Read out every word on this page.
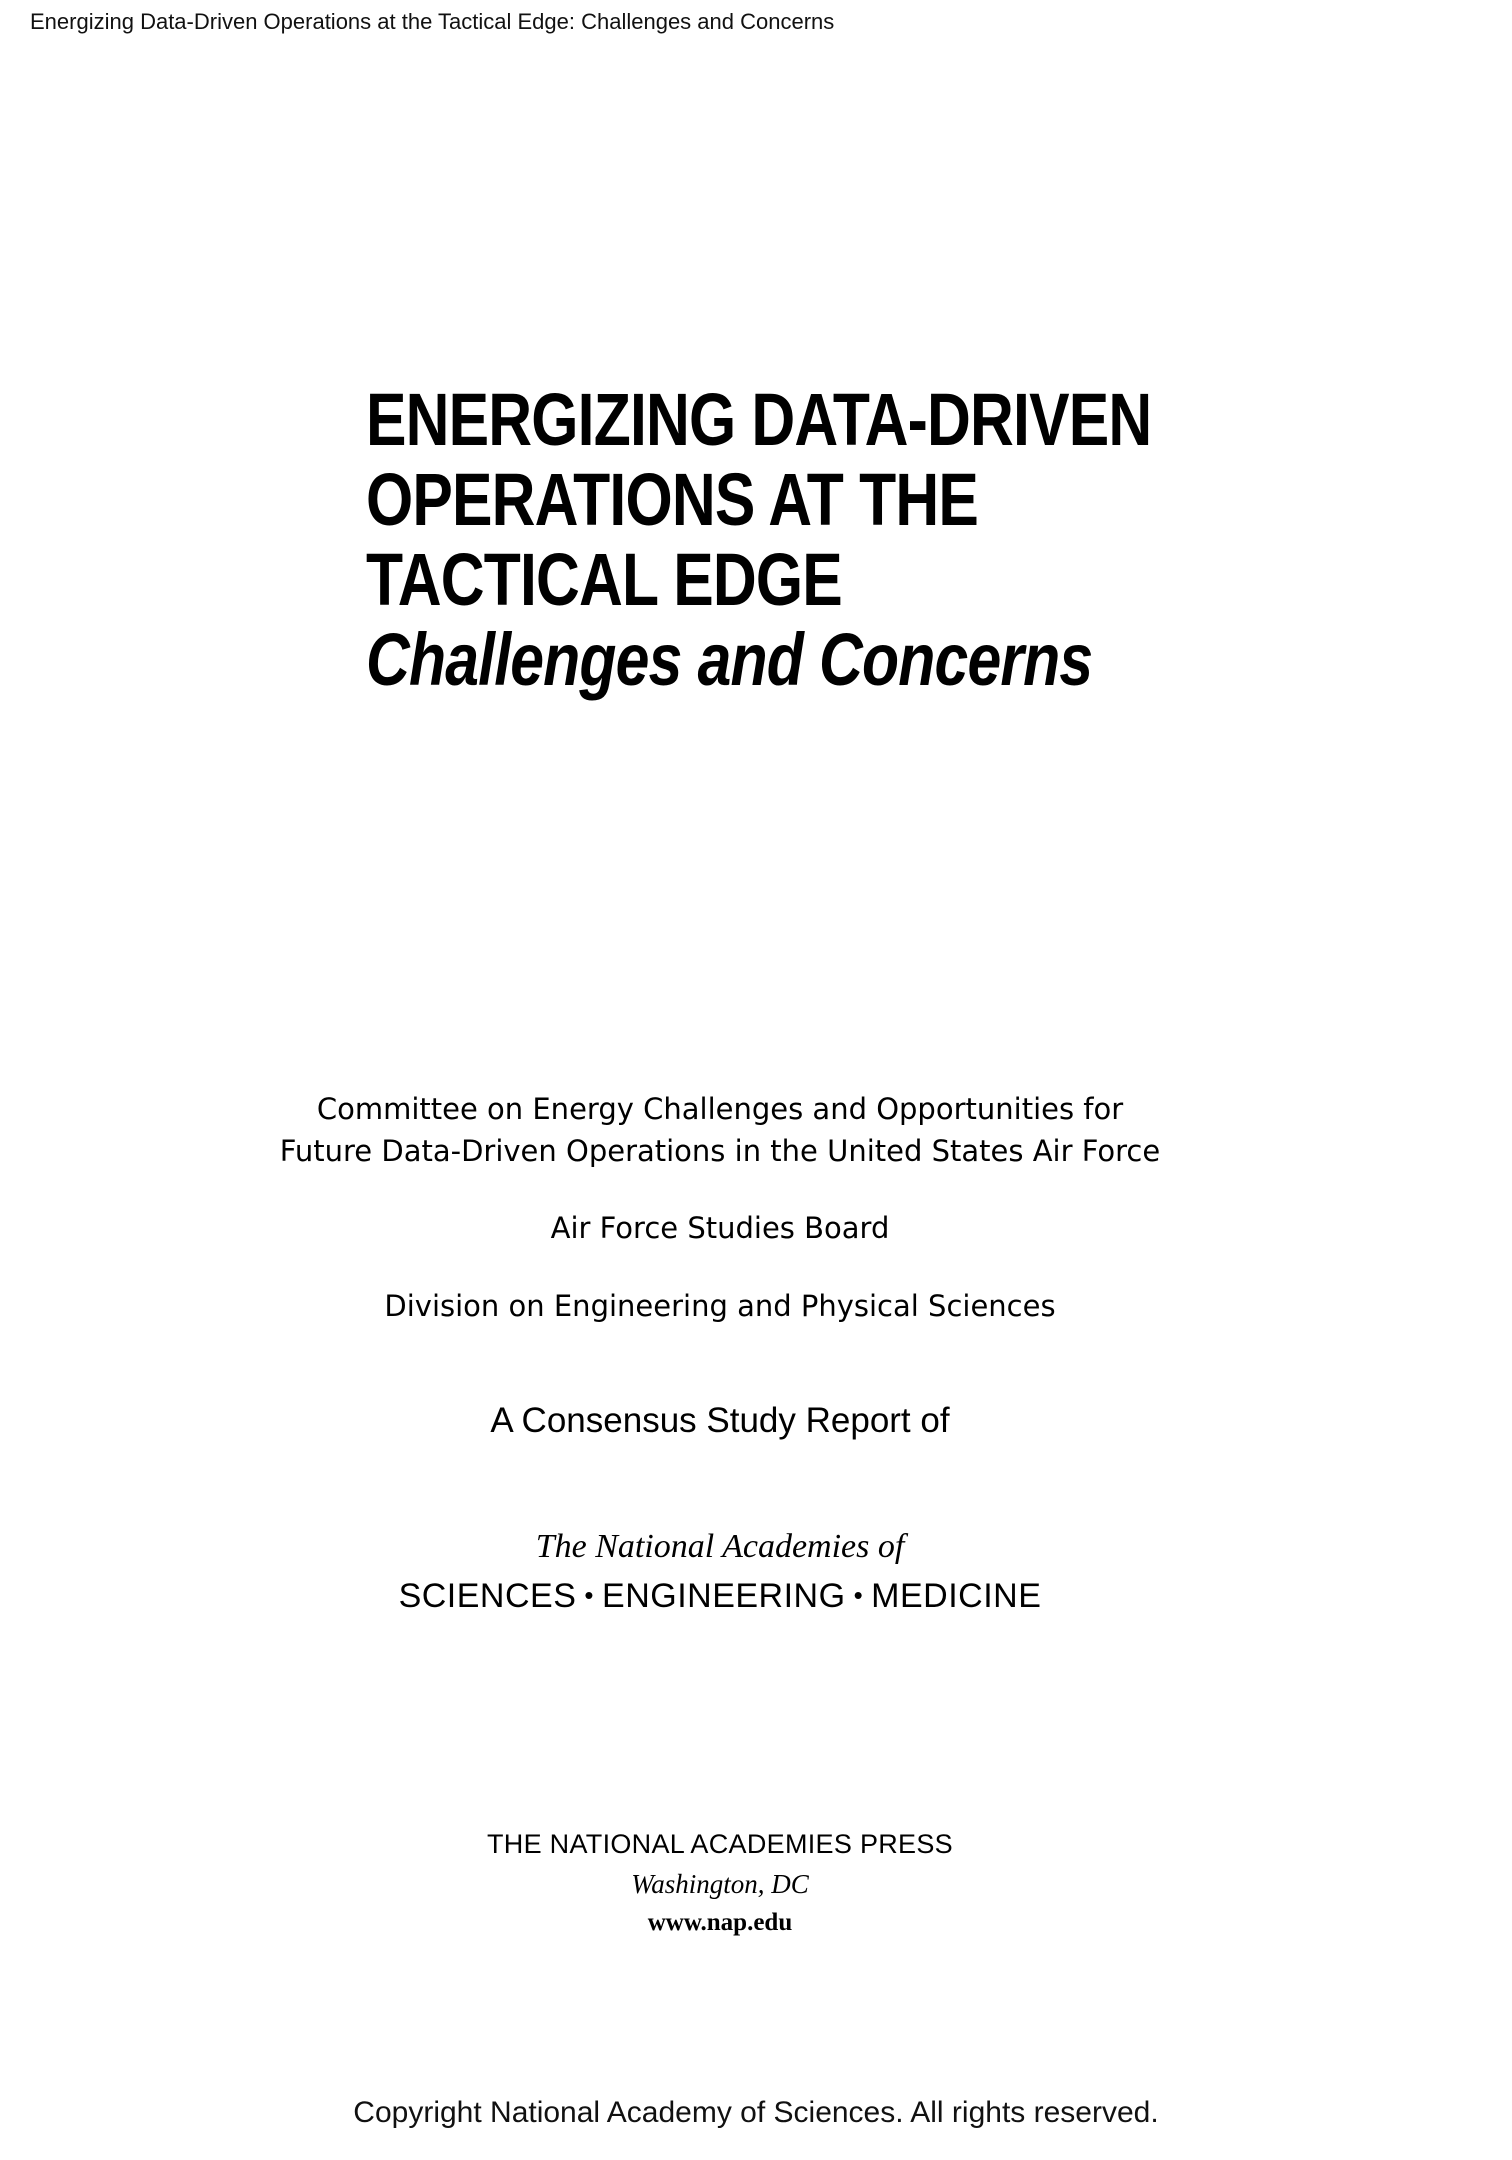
Energizing Data-Driven Operations at the Tactical Edge: Challenges and Concerns
ENERGIZING DATA-DRIVEN
OPERATIONS AT THE
TACTICAL EDGE
Challenges and Concerns
Committee on Energy Challenges and Opportunities for
Future Data-Driven Operations in the United States Air Force
Air Force Studies Board
Division on Engineering and Physical Sciences
A Consensus Study Report of
The National Academies of
SCIENCES • ENGINEERING • MEDICINE
THE NATIONAL ACADEMIES PRESS
Washington, DC
www.nap.edu
Copyright National Academy of Sciences. All rights reserved.
